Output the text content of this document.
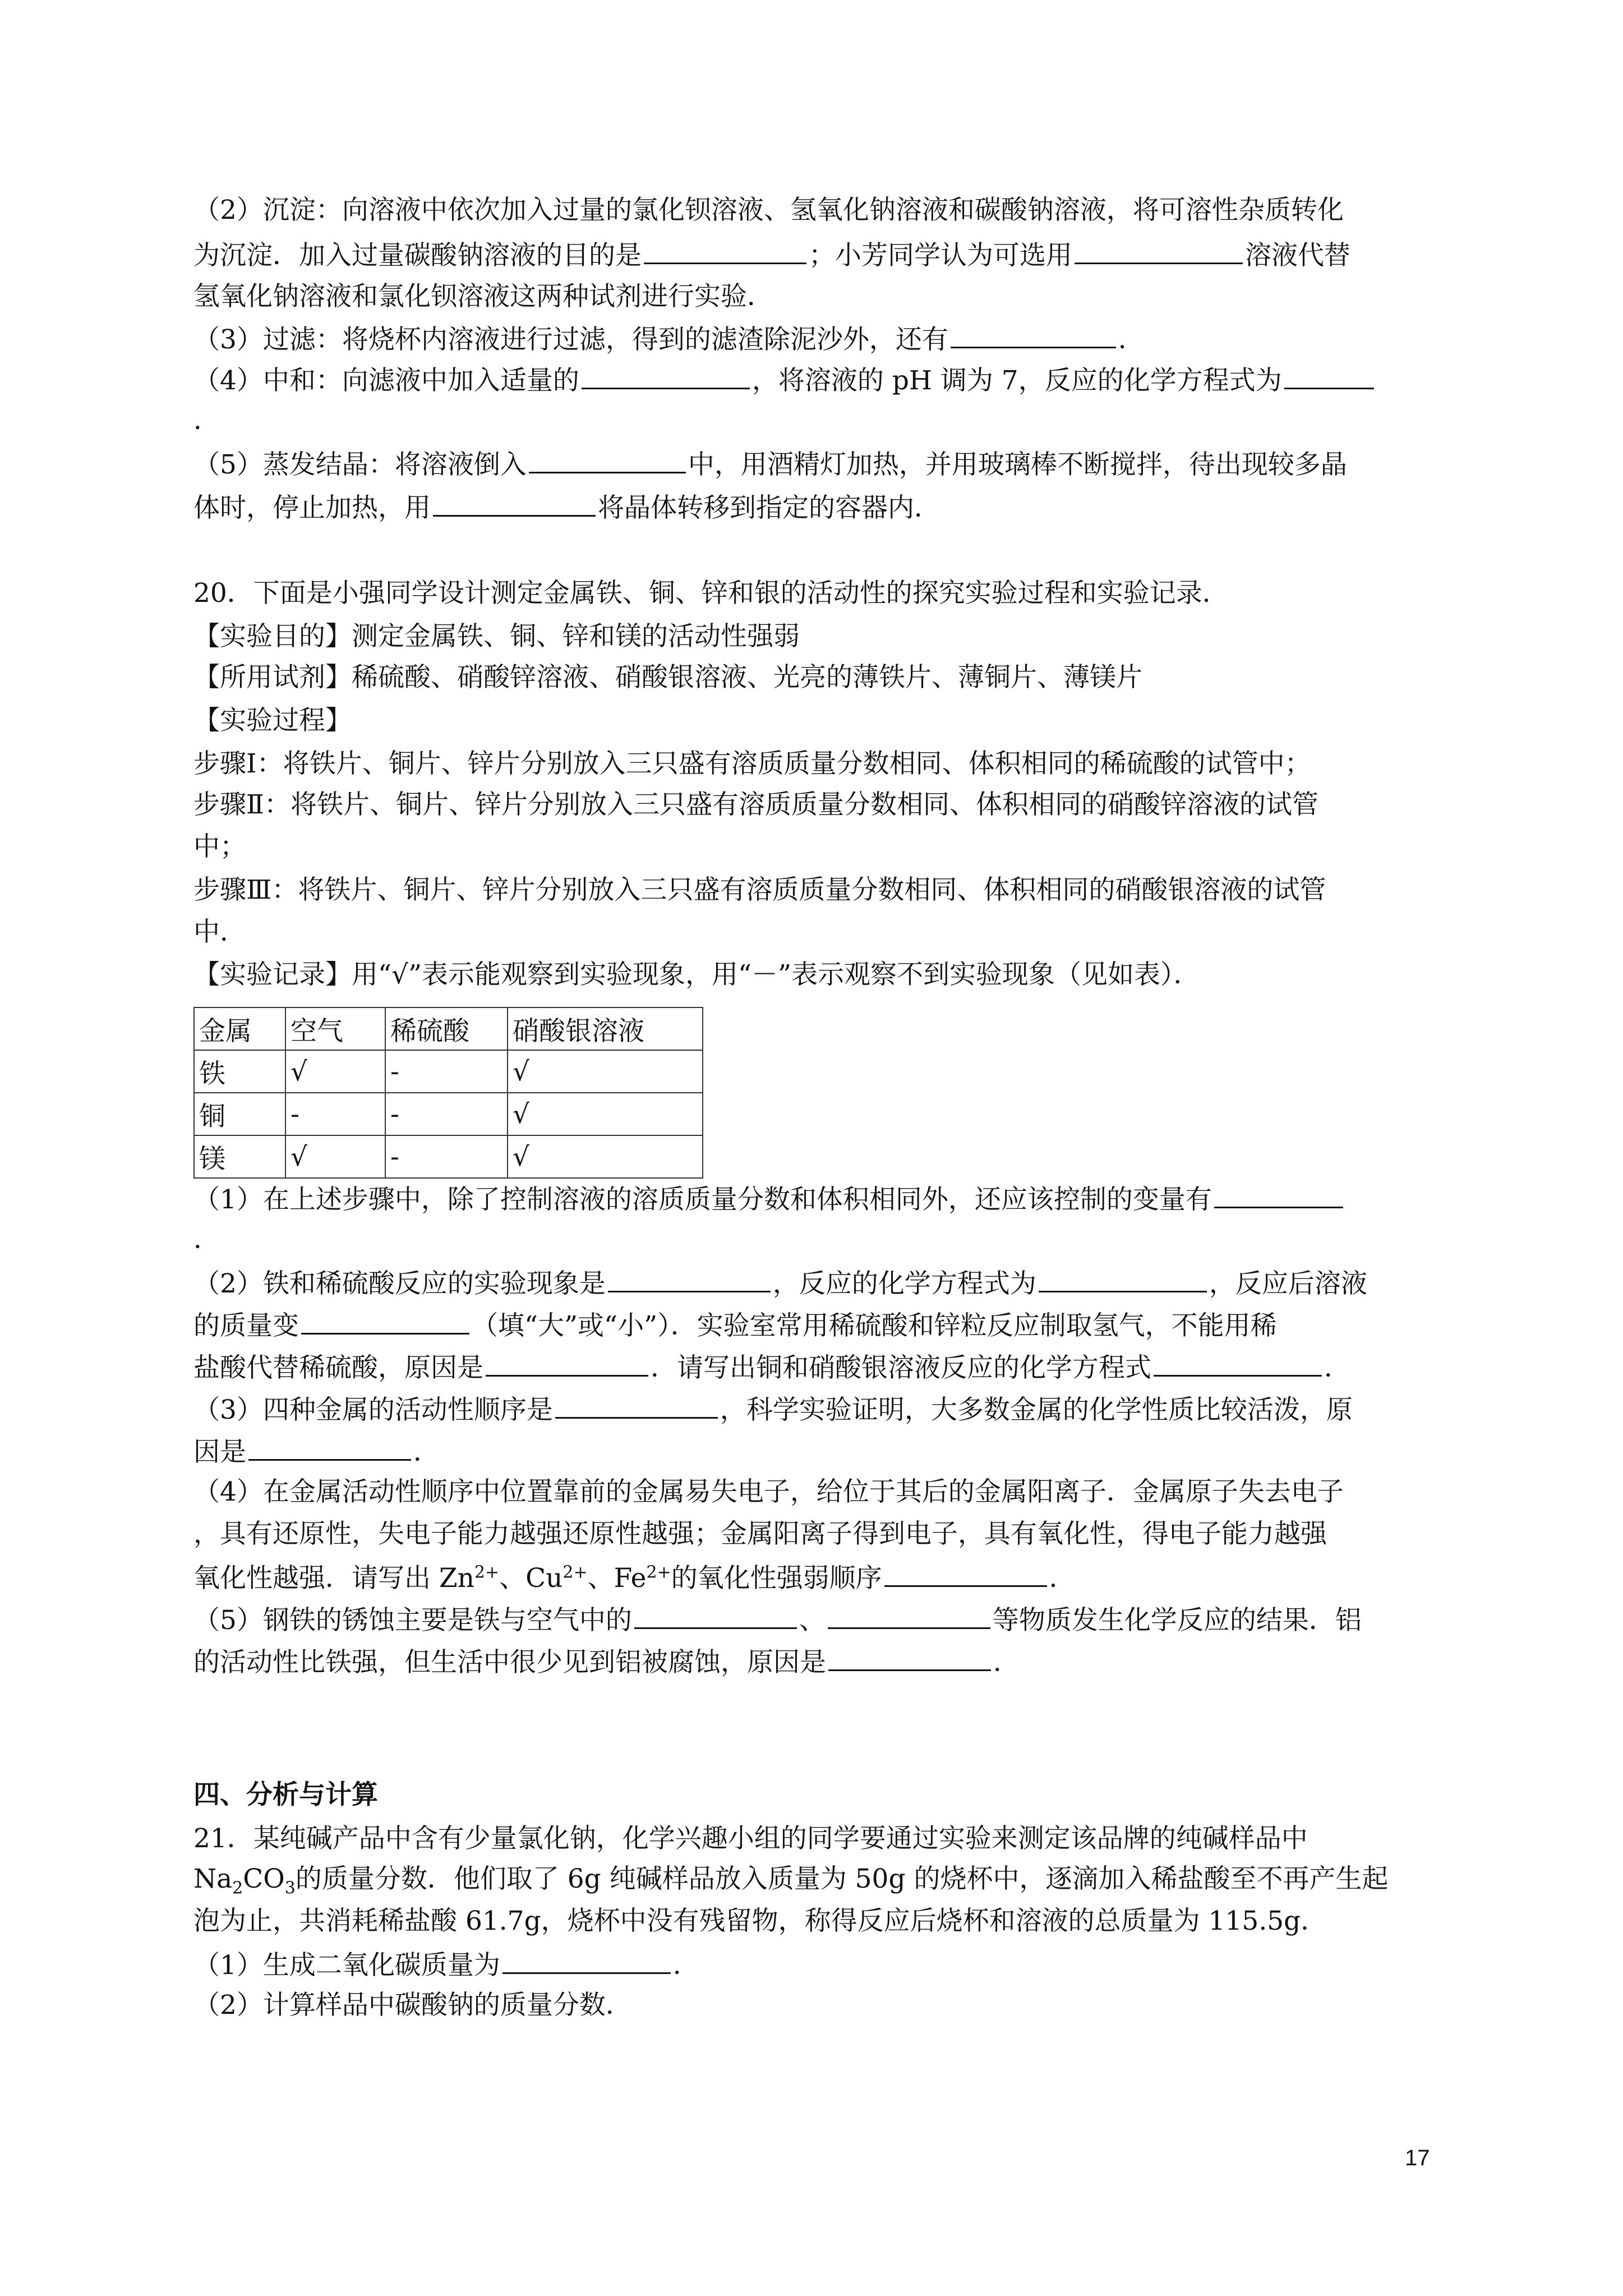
（2）沉淀：向溶液中依次加入过量的氯化钡溶液、氢氧化钠溶液和碳酸钠溶液，将可溶性杂质转化
为沉淀．加入过量碳酸钠溶液的目的是	；小芳同学认为可选用	溶液代替
氢氧化钠溶液和氯化钡溶液这两种试剂进行实验．
（3）过滤：将烧杯内溶液进行过滤，得到的滤渣除泥沙外，还有	．
（4）中和：向滤液中加入适量的	，将溶液的 pH 调为 7，反应的化学方程式为
．
（5）蒸发结晶：将溶液倒入	中，用酒精灯加热，并用玻璃棒不断搅拌，待出现较多晶
体时，停止加热，用	将晶体转移到指定的容器内．
20．下面是小强同学设计测定金属铁、铜、锌和银的活动性的探究实验过程和实验记录．
【实验目的】测定金属铁、铜、锌和镁的活动性强弱
【所用试剂】稀硫酸、硝酸锌溶液、硝酸银溶液、光亮的薄铁片、薄铜片、薄镁片
【实验过程】
步骤Ⅰ：将铁片、铜片、锌片分别放入三只盛有溶质质量分数相同、体积相同的稀硫酸的试管中；
步骤Ⅱ：将铁片、铜片、锌片分别放入三只盛有溶质质量分数相同、体积相同的硝酸锌溶液的试管
中；
步骤Ⅲ：将铁片、铜片、锌片分别放入三只盛有溶质质量分数相同、体积相同的硝酸银溶液的试管
中．
【实验记录】用“√”表示能观察到实验现象，用“－”表示观察不到实验现象（见如表）．
金属	空气	稀硫酸	硝酸银溶液
铁	√	-	√
铜	-	-	√
镁	√	-	√
（1）在上述步骤中，除了控制溶液的溶质质量分数和体积相同外，还应该控制的变量有
．
（2）铁和稀硫酸反应的实验现象是	，反应的化学方程式为	，反应后溶液
的质量变	（填“大”或“小”）．实验室常用稀硫酸和锌粒反应制取氢气，不能用稀
盐酸代替稀硫酸，原因是	．请写出铜和硝酸银溶液反应的化学方程式	．
（3）四种金属的活动性顺序是	，科学实验证明，大多数金属的化学性质比较活泼，原
因是	．
（4）在金属活动性顺序中位置靠前的金属易失电子，给位于其后的金属阳离子．金属原子失去电子
，具有还原性，失电子能力越强还原性越强；金属阳离子得到电子，具有氧化性，得电子能力越强
氧化性越强．请写出 $Zn^{2+}$、$Cu^{2+}$、$Fe^{2+}$的氧化性强弱顺序	．
（5）钢铁的锈蚀主要是铁与空气中的	、	等物质发生化学反应的结果．铝
的活动性比铁强，但生活中很少见到铝被腐蚀，原因是	．
四、分析与计算
21．某纯碱产品中含有少量氯化钠，化学兴趣小组的同学要通过实验来测定该品牌的纯碱样品中
$Na_2CO_3$的质量分数．他们取了 6g 纯碱样品放入质量为 50g 的烧杯中，逐滴加入稀盐酸至不再产生起
泡为止，共消耗稀盐酸 61.7g，烧杯中没有残留物，称得反应后烧杯和溶液的总质量为 115.5g．
（1）生成二氧化碳质量为	．
（2）计算样品中碳酸钠的质量分数．
17
